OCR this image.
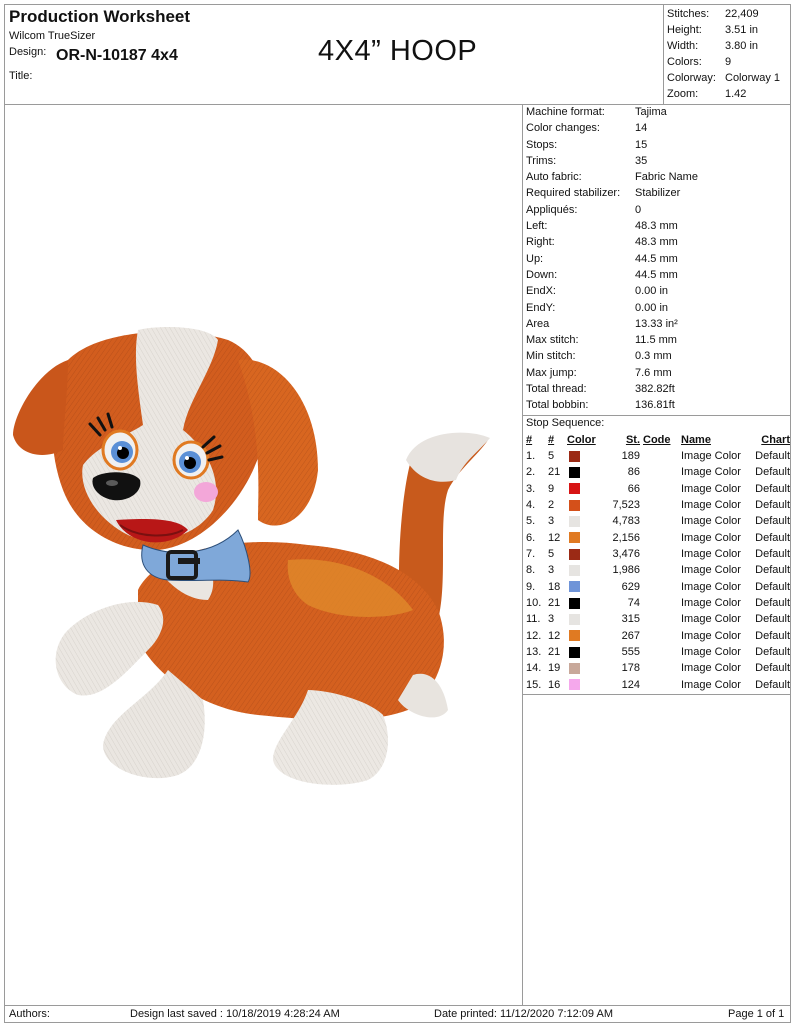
Production Worksheet
Wilcom TrueSizer
Design: OR-N-10187 4x4
Title:
4X4” HOOP
Stitches:	22,409
Height:	3.51 in
Width:	3.80 in
Colors:	9
Colorway: Colorway 1
Zoom:	1.42
Machine format:	Tajima
Color changes:	14
Stops:	15
Trims:	35
Auto fabric:	Fabric Name
Required stabilizer:	Stabilizer
Appliqués:	0
Left:	48.3 mm
Right:	48.3 mm
Up:	44.5 mm
Down:	44.5 mm
EndX:	0.00 in
EndY:	0.00 in
Area	13.33 in²
Max stitch:	11.5 mm
Min stitch:	0.3 mm
Max jump:	7.6 mm
Total thread:	382.82ft
Total bobbin:	136.81ft
Stop Sequence:
#	#	Color	St.	Code	Name	Chart
1.	5		189		Image Color	Default
2.	21		86		Image Color	Default
3.	9		66		Image Color	Default
4.	2		7,523		Image Color	Default
5.	3		4,783		Image Color	Default
6.	12		2,156		Image Color	Default
7.	5		3,476		Image Color	Default
8.	3		1,986		Image Color	Default
9.	18		629		Image Color	Default
10.	21		74		Image Color	Default
11.	3		315		Image Color	Default
12.	12		267		Image Color	Default
13.	21		555		Image Color	Default
14.	19		178		Image Color	Default
15.	16		124		Image Color	Default
Authors:	Design last saved : 10/18/2019 4:28:24 AM	Date printed: 11/12/2020 7:12:09 AM	Page 1 of 1
